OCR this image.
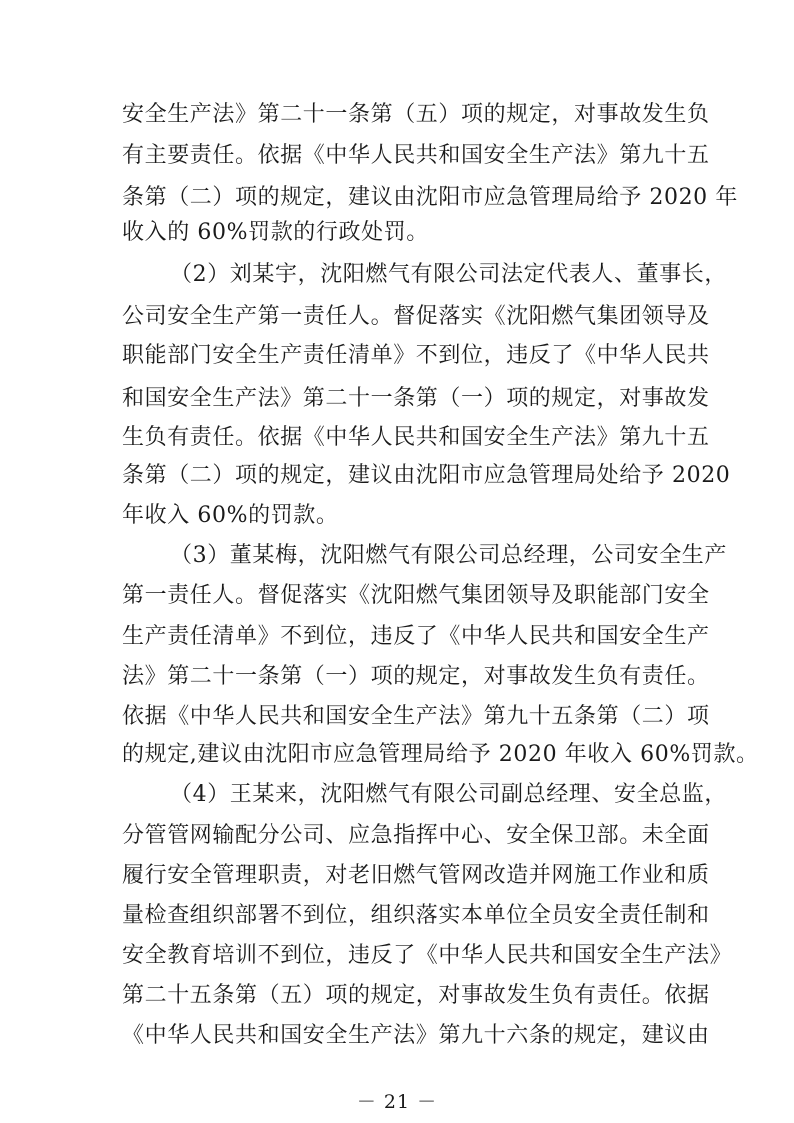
安全生产法》第二十一条第（五）项的规定，对事故发生负
有主要责任。依据《中华人民共和国安全生产法》第九十五
条第（二）项的规定，建议由沈阳市应急管理局给予 2020 年
收入的 60%罚款的行政处罚。
（2）刘某宇，沈阳燃气有限公司法定代表人、董事长，
公司安全生产第一责任人。督促落实《沈阳燃气集团领导及
职能部门安全生产责任清单》不到位，违反了《中华人民共
和国安全生产法》第二十一条第（一）项的规定，对事故发
生负有责任。依据《中华人民共和国安全生产法》第九十五
条第（二）项的规定，建议由沈阳市应急管理局处给予 2020
年收入 60%的罚款。
（3）董某梅，沈阳燃气有限公司总经理，公司安全生产
第一责任人。督促落实《沈阳燃气集团领导及职能部门安全
生产责任清单》不到位，违反了《中华人民共和国安全生产
法》第二十一条第（一）项的规定，对事故发生负有责任。
依据《中华人民共和国安全生产法》第九十五条第（二）项
的规定,建议由沈阳市应急管理局给予 2020 年收入 60%罚款。
（4）王某来，沈阳燃气有限公司副总经理、安全总监，
分管管网输配分公司、应急指挥中心、安全保卫部。未全面
履行安全管理职责，对老旧燃气管网改造并网施工作业和质
量检查组织部署不到位，组织落实本单位全员安全责任制和
安全教育培训不到位，违反了《中华人民共和国安全生产法》
第二十五条第（五）项的规定，对事故发生负有责任。依据
《中华人民共和国安全生产法》第九十六条的规定，建议由
－ 21 －
